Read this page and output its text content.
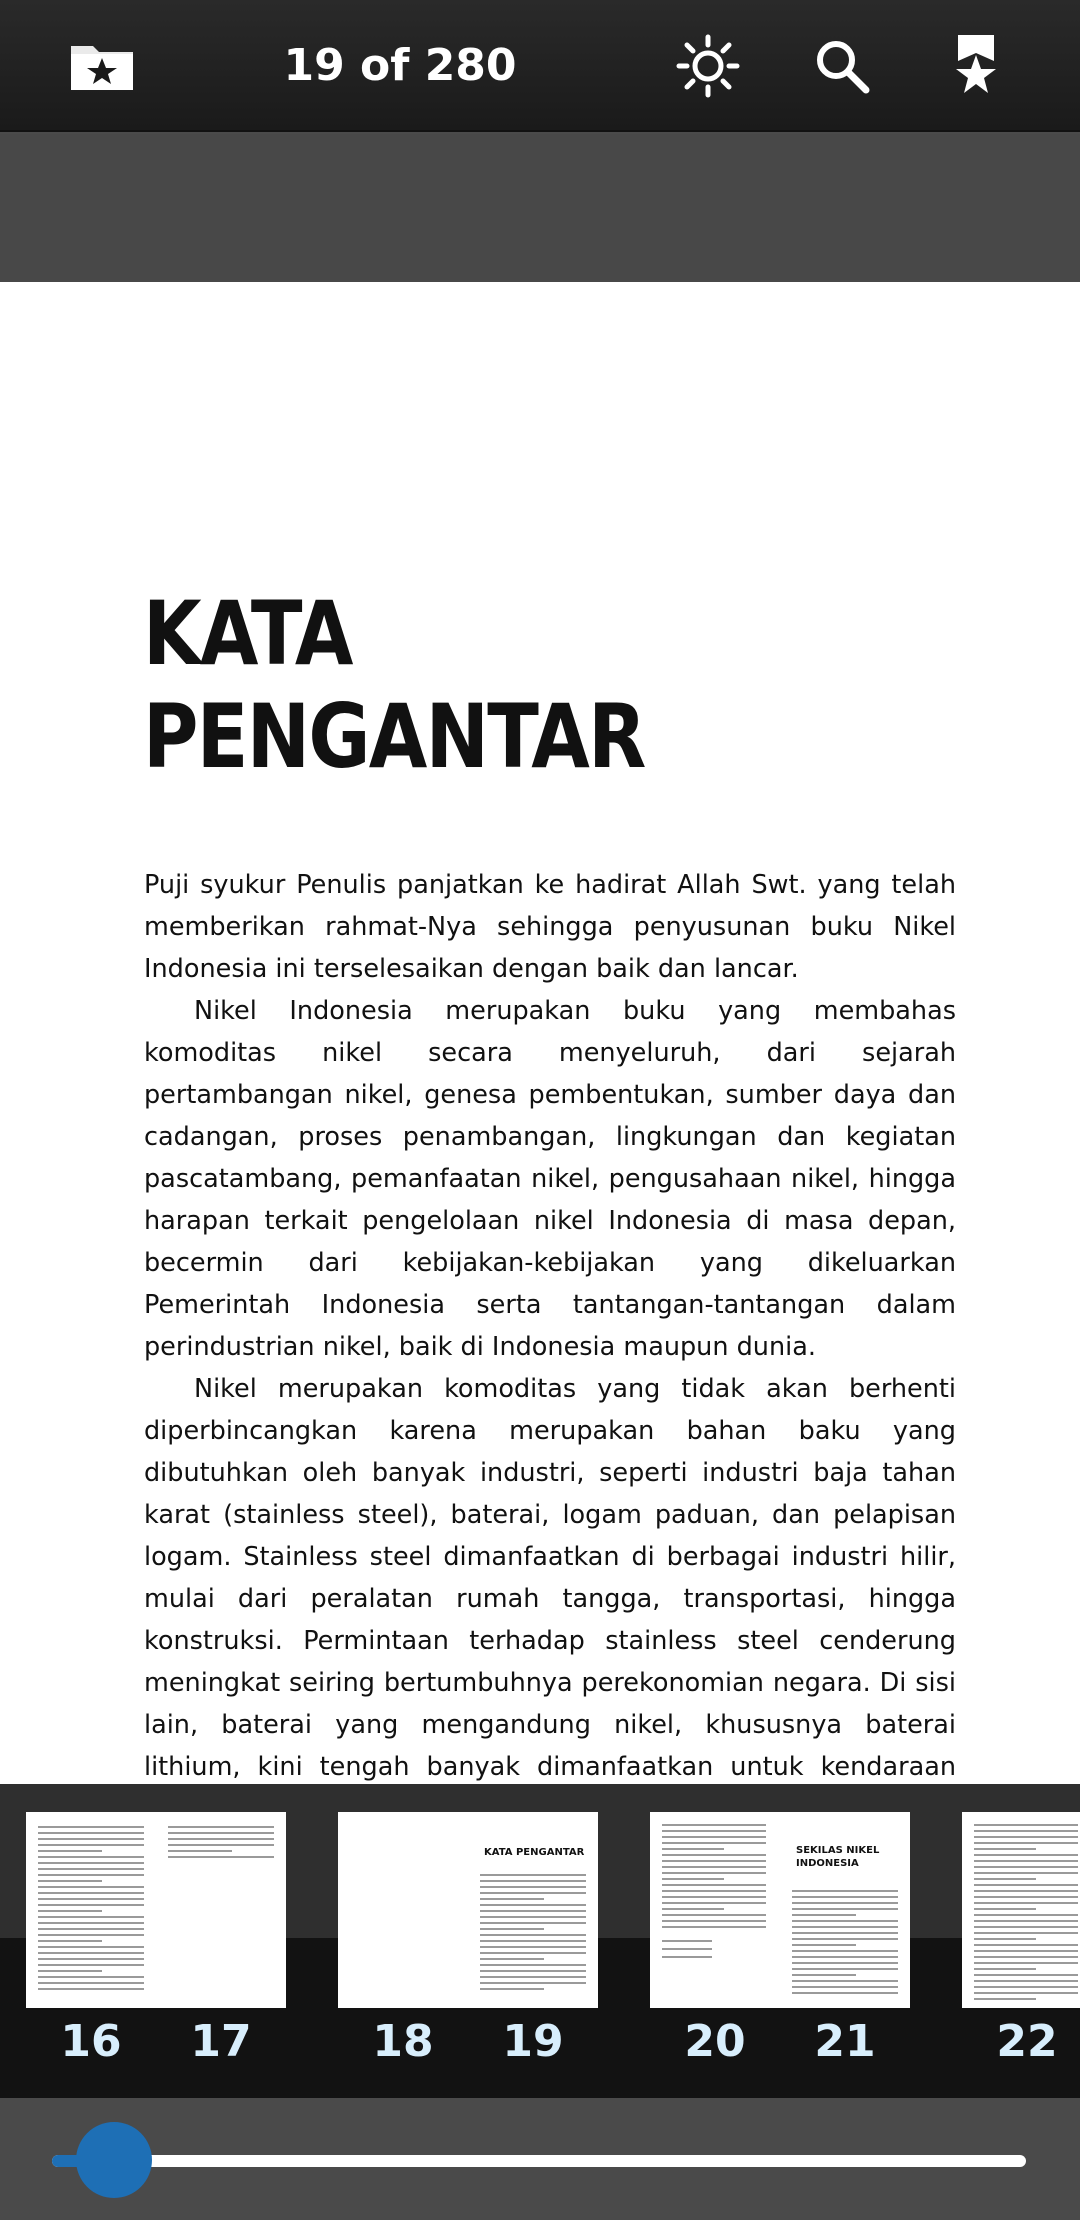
19 of 280
KATA PENGANTAR

Puji syukur Penulis panjatkan ke hadirat Allah Swt. yang telah memberikan rahmat-Nya sehingga penyusunan buku Nikel Indonesia ini terselesaikan dengan baik dan lancar.

Nikel Indonesia merupakan buku yang membahas komoditas nikel secara menyeluruh, dari sejarah pertambangan nikel, genesa pembentukan, sumber daya dan cadangan, proses penambangan, lingkungan dan kegiatan pascatambang, pemanfaatan nikel, pengusahaan nikel, hingga harapan terkait pengelolaan nikel Indonesia di masa depan, becermin dari kebijakan-kebijakan yang dikeluarkan Pemerintah Indonesia serta tantangan-tantangan dalam perindustrian nikel, baik di Indonesia maupun dunia.

Nikel merupakan komoditas yang tidak akan berhenti diperbincangkan karena merupakan bahan baku yang dibutuhkan oleh banyak industri, seperti industri baja tahan karat (stainless steel), baterai, logam paduan, dan pelapisan logam. Stainless steel dimanfaatkan di berbagai industri hilir, mulai dari peralatan rumah tangga, transportasi, hingga konstruksi. Permintaan terhadap stainless steel cenderung meningkat seiring bertumbuhnya perekonomian negara. Di sisi lain, baterai yang mengandung nikel, khususnya baterai lithium, kini tengah banyak dimanfaatkan untuk kendaraan

KATA PENGANTAR	SEKILAS NIKEL INDONESIA
16	17	18	19	20	21	22
